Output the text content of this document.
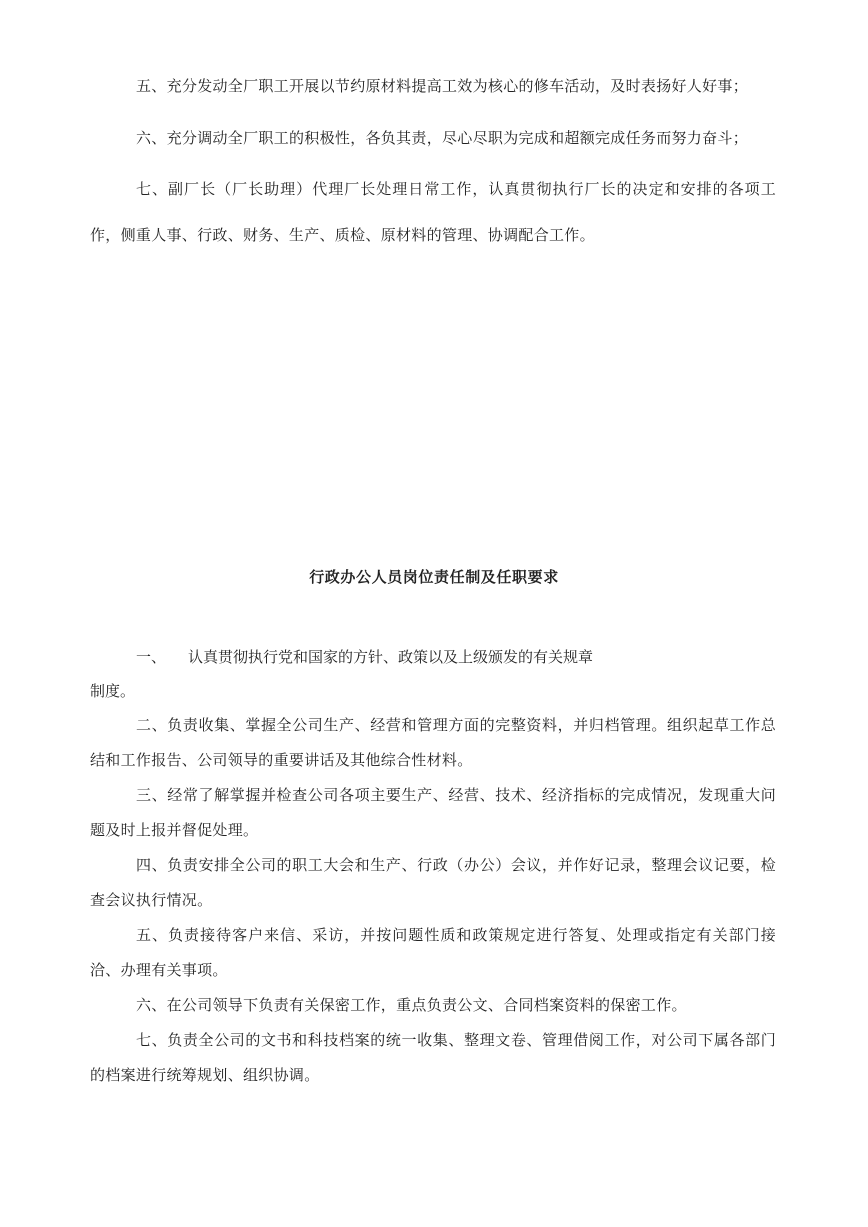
五、充分发动全厂职工开展以节约原材料提高工效为核心的修车活动，及时表扬好人好事；

六、充分调动全厂职工的积极性，各负其责，尽心尽职为完成和超额完成任务而努力奋斗；

七、副厂长（厂长助理）代理厂长处理日常工作，认真贯彻执行厂长的决定和安排的各项工作，侧重人事、行政、财务、生产、质检、原材料的管理、协调配合工作。

行政办公人员岗位责任制及任职要求

一、 认真贯彻执行党和国家的方针、政策以及上级颁发的有关规章
制度。

二、负责收集、掌握全公司生产、经营和管理方面的完整资料，并归档管理。组织起草工作总结和工作报告、公司领导的重要讲话及其他综合性材料。

三、经常了解掌握并检查公司各项主要生产、经营、技术、经济指标的完成情况，发现重大问题及时上报并督促处理。

四、负责安排全公司的职工大会和生产、行政（办公）会议，并作好记录，整理会议记要，检查会议执行情况。

五、负责接待客户来信、采访，并按问题性质和政策规定进行答复、处理或指定有关部门接洽、办理有关事项。

六、在公司领导下负责有关保密工作，重点负责公文、合同档案资料的保密工作。

七、负责全公司的文书和科技档案的统一收集、整理文卷、管理借阅工作，对公司下属各部门的档案进行统筹规划、组织协调。
